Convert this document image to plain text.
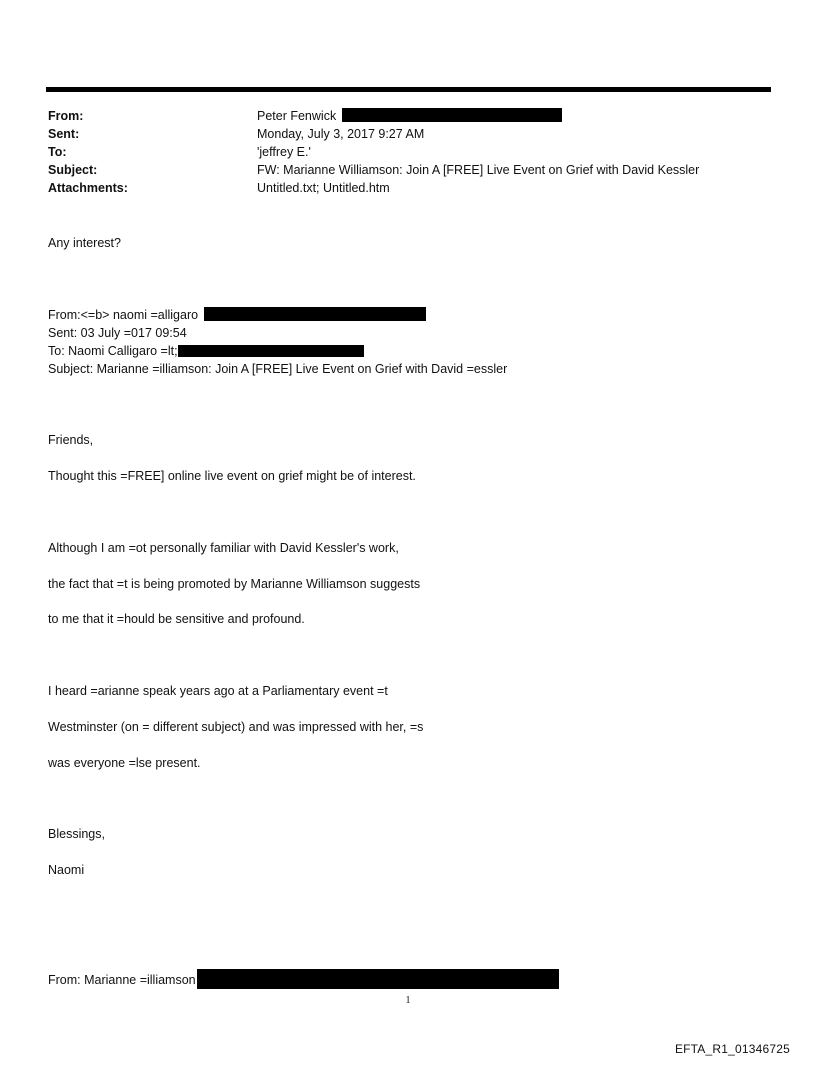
From:	Peter Fenwick
Sent:	Monday, July 3, 2017 9:27 AM
To:	'jeffrey E.'
Subject:	FW: Marianne Williamson: Join A [FREE] Live Event on Grief with David Kessler
Attachments:	Untitled.txt; Untitled.htm
Any interest?
From:<=b> naomi =alligaro
Sent: 03 July =017 09:54
To: Naomi Calligaro =lt;
Subject: Marianne =illiamson: Join A [FREE] Live Event on Grief with David =essler
Friends,
Thought this =FREE] online live event on grief might be of interest.
Although I am =ot personally familiar with David Kessler's work,
the fact that =t is being promoted by Marianne Williamson suggests
to me that it =hould be sensitive and profound.
I heard =arianne speak years ago at a Parliamentary event =t
Westminster (on = different subject) and was impressed with her, =s
was everyone =lse present.
Blessings,
Naomi
From: Marianne =illiamson
1
EFTA_R1_01346725
